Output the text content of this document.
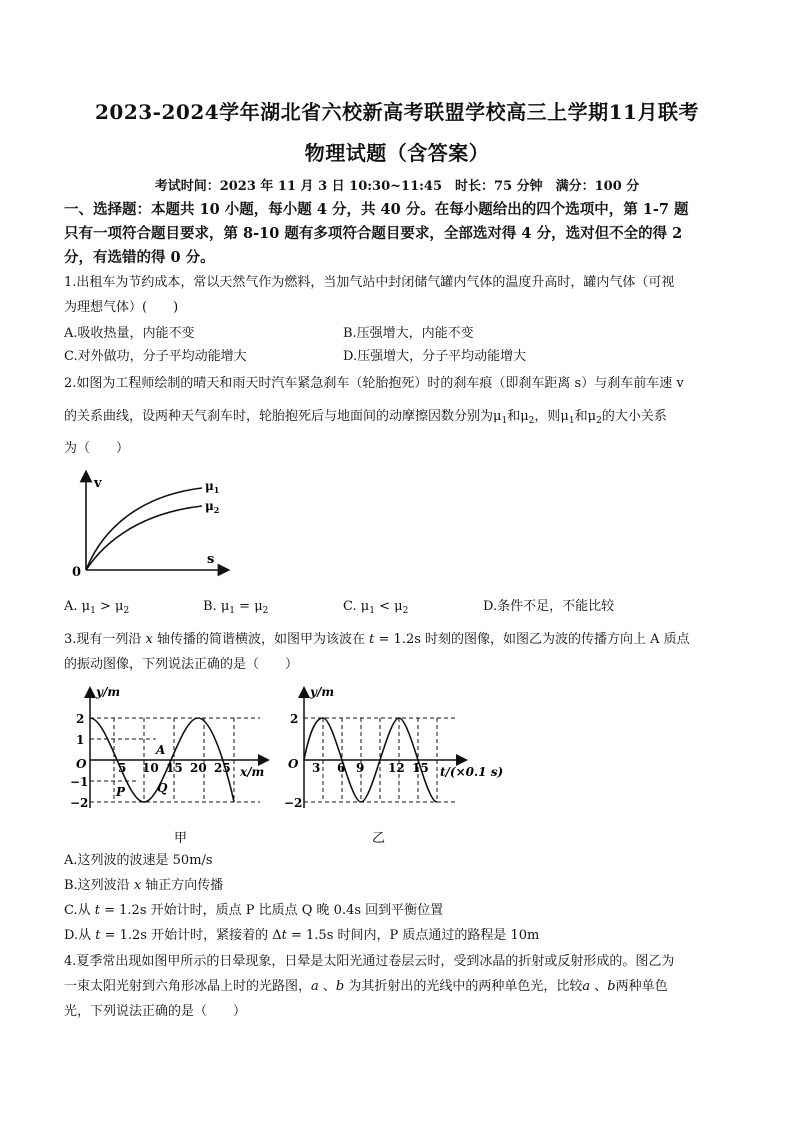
2023-2024学年湖北省六校新高考联盟学校高三上学期11月联考
物理试题（含答案）
考试时间：2023 年 11 月 3 日 10:30~11:45　时长：75 分钟　满分：100 分
一、选择题：本题共 10 小题，每小题 4 分，共 40 分。在每小题给出的四个选项中，第 1-7 题
只有一项符合题目要求，第 8-10 题有多项符合题目要求，全部选对得 4 分，选对但不全的得 2
分，有选错的得 0 分。
1.出租车为节约成本，常以天然气作为燃料，当加气站中封闭储气罐内气体的温度升高时，罐内气体（可视
为理想气体）(　　)
A.吸收热量，内能不变	B.压强增大，内能不变
C.对外做功，分子平均动能增大	D.压强增大，分子平均动能增大
2.如图为工程师绘制的晴天和雨天时汽车紧急刹车（轮胎抱死）时的刹车痕（即刹车距离 s）与刹车前车速 v
的关系曲线，设两种天气刹车时，轮胎抱死后与地面间的动摩擦因数分别为$\mu_1$和$\mu_2$，则$\mu_1$和$\mu_2$的大小关系
为（　　）
v
s
0
$\mu_1$
$\mu_2$
A. $\mu_1 > \mu_2$	B. $\mu_1 = \mu_2$	C. $\mu_1 < \mu_2$	D.条件不足，不能比较
3.现有一列沿 x 轴传播的简谐横波，如图甲为该波在 t = 1.2s 时刻的图像，如图乙为波的传播方向上 A 质点
的振动图像，下列说法正确的是（　　）
y/m
x/m
O
2
1
−1
−2
5 10 15 20 25
A
P	Q
甲
y/m
t/(×0.1 s)
O
2
−2
3 6 9 12 15
乙
A.这列波的波速是 50m/s
B.这列波沿 x 轴正方向传播
C.从 t = 1.2s 开始计时，质点 P 比质点 Q 晚 0.4s 回到平衡位置
D.从 t = 1.2s 开始计时，紧接着的 Δt = 1.5s 时间内，P 质点通过的路程是 10m
4.夏季常出现如图甲所示的日晕现象，日晕是太阳光通过卷层云时，受到冰晶的折射或反射形成的。图乙为
一束太阳光射到六角形冰晶上时的光路图，a 、b 为其折射出的光线中的两种单色光，比较a 、b两种单色
光，下列说法正确的是（　　）
